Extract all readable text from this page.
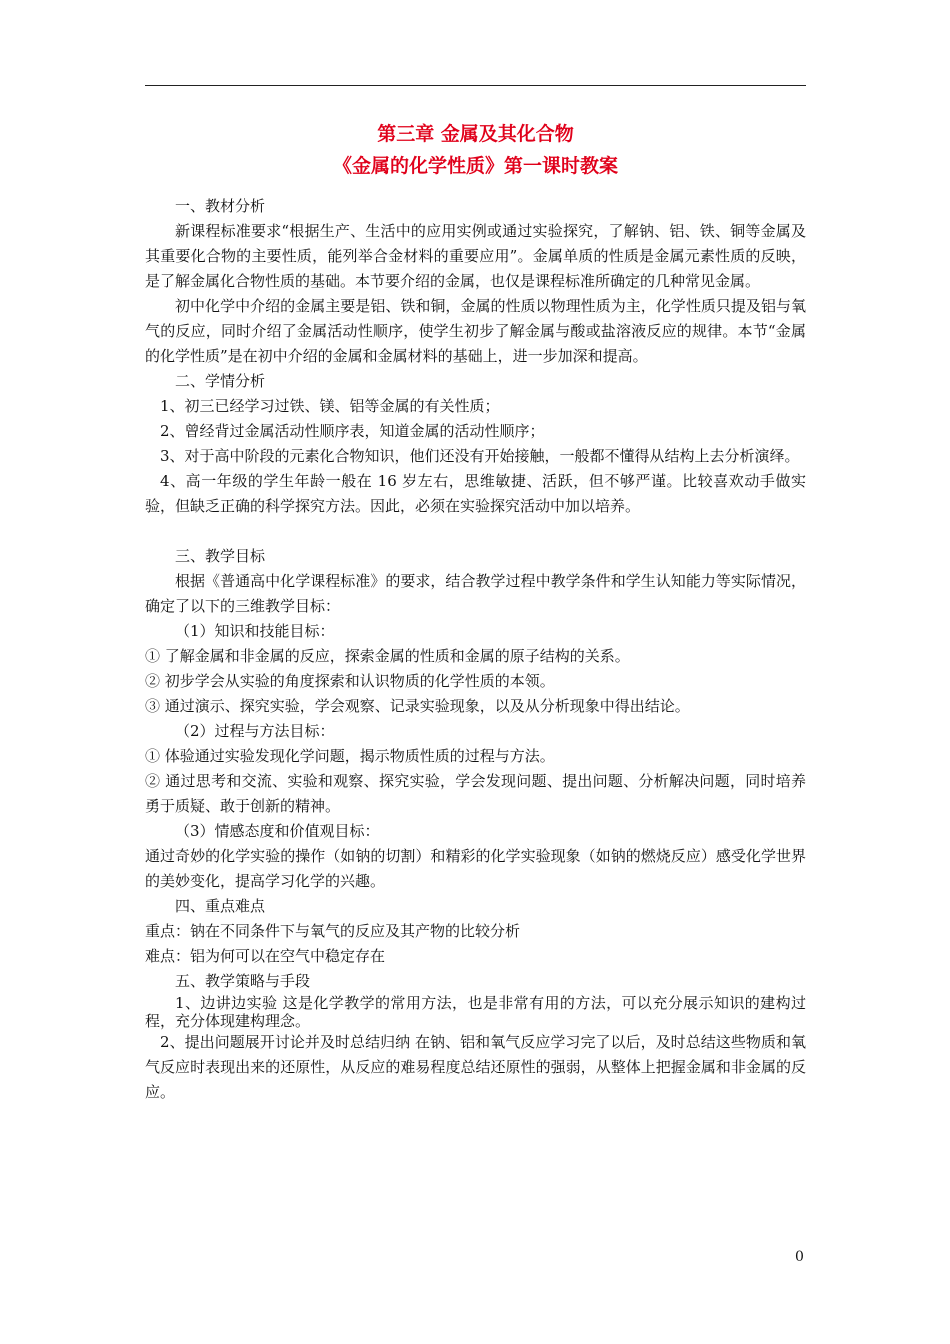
第三章 金属及其化合物
《金属的化学性质》第一课时教案

一、教材分析

新课程标准要求“根据生产、生活中的应用实例或通过实验探究，了解钠、铝、铁、铜等金属及其重要化合物的主要性质，能列举合金材料的重要应用”。金属单质的性质是金属元素性质的反映，是了解金属化合物性质的基础。本节要介绍的金属，也仅是课程标准所确定的几种常见金属。

初中化学中介绍的金属主要是铝、铁和铜，金属的性质以物理性质为主，化学性质只提及铝与氧气的反应，同时介绍了金属活动性顺序，使学生初步了解金属与酸或盐溶液反应的规律。本节“金属的化学性质”是在初中介绍的金属和金属材料的基础上，进一步加深和提高。

二、学情分析

1、初三已经学习过铁、镁、铝等金属的有关性质；

2、曾经背过金属活动性顺序表，知道金属的活动性顺序；

3、对于高中阶段的元素化合物知识，他们还没有开始接触，一般都不懂得从结构上去分析演绎。

4、高一年级的学生年龄一般在 16 岁左右，思维敏捷、活跃，但不够严谨。比较喜欢动手做实验，但缺乏正确的科学探究方法。因此，必须在实验探究活动中加以培养。

三、教学目标

根据《普通高中化学课程标准》的要求，结合教学过程中教学条件和学生认知能力等实际情况，确定了以下的三维教学目标：

（1）知识和技能目标：

① 了解金属和非金属的反应，探索金属的性质和金属的原子结构的关系。

② 初步学会从实验的角度探索和认识物质的化学性质的本领。

③ 通过演示、探究实验，学会观察、记录实验现象，以及从分析现象中得出结论。

（2）过程与方法目标：

① 体验通过实验发现化学问题，揭示物质性质的过程与方法。

② 通过思考和交流、实验和观察、探究实验，学会发现问题、提出问题、分析解决问题，同时培养勇于质疑、敢于创新的精神。

（3）情感态度和价值观目标：

通过奇妙的化学实验的操作（如钠的切割）和精彩的化学实验现象（如钠的燃烧反应）感受化学世界的美妙变化，提高学习化学的兴趣。

四、重点难点

重点：钠在不同条件下与氧气的反应及其产物的比较分析

难点：铝为何可以在空气中稳定存在

五、教学策略与手段

1、边讲边实验 这是化学教学的常用方法，也是非常有用的方法，可以充分展示知识的建构过程，充分体现建构理念。

2、提出问题展开讨论并及时总结归纳 在钠、铝和氧气反应学习完了以后，及时总结这些物质和氧气反应时表现出来的还原性，从反应的难易程度总结还原性的强弱，从整体上把握金属和非金属的反应。

0
